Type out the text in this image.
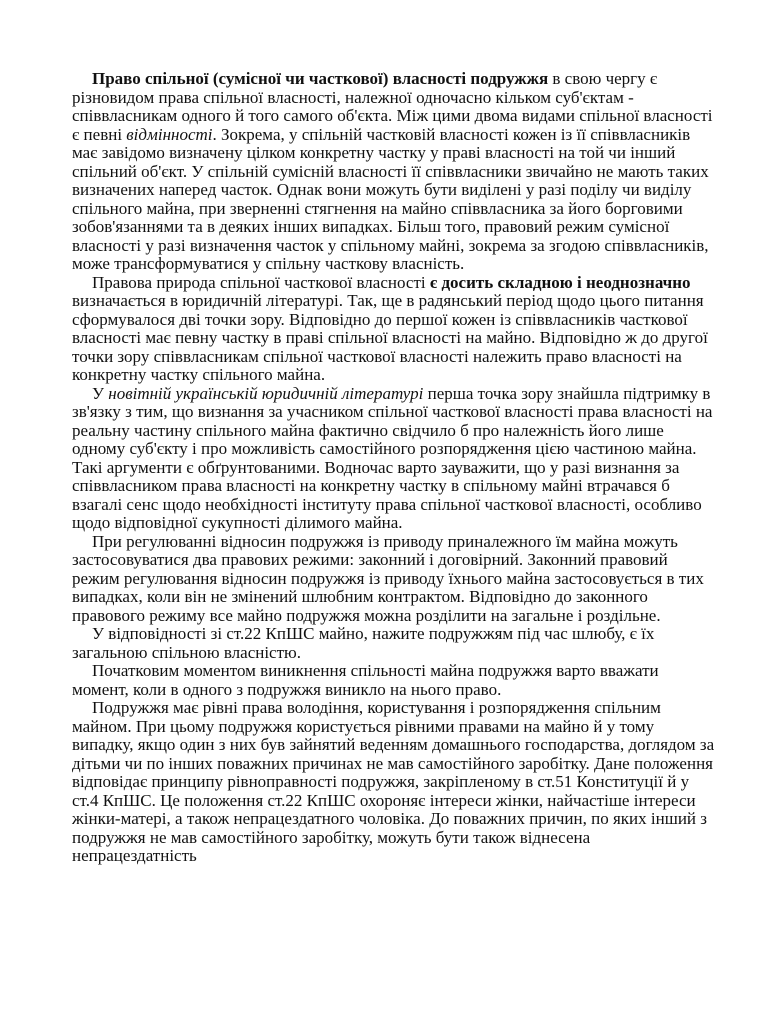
Право спільної (сумісної чи часткової) власності подружжя в свою чергу є різновидом права спільної власності, належної одночасно кільком суб'єктам - співвласникам одного й того самого об'єкта. Між цими двома видами спільної власності є певні відмінності. Зокрема, у спільній частковій власності кожен із її співвласників має завідомо визначену цілком конкретну частку у праві власності на той чи інший спільний об'єкт. У спільній сумісній власності її співвласники звичайно не мають таких визначених наперед часток. Однак вони можуть бути виділені у разі поділу чи виділу спільного майна, при зверненні стягнення на майно співвласника за його борговими зобов'язаннями та в деяких інших випадках. Більш того, правовий режим сумісної власності у разі визначення часток у спільному майні, зокрема за згодою співвласників, може трансформуватися у спільну часткову власність.

Правова природа спільної часткової власності є досить складною і неоднозначно визначається в юридичній літературі. Так, ще в радянський період щодо цього питання сформувалося дві точки зору. Відповідно до першої кожен із співвласників часткової власності має певну частку в праві спільної власності на майно. Відповідно ж до другої точки зору співвласникам спільної часткової власності належить право власності на конкретну частку спільного майна.

У новітній українській юридичній літературі перша точка зору знайшла підтримку в зв'язку з тим, що визнання за учасником спільної часткової власності права власності на реальну частину спільного майна фактично свідчило б про належність його лише одному суб'єкту і про можливість самостійного розпорядження цією частиною майна. Такі аргументи є обґрунтованими. Водночас варто зауважити, що у разі визнання за співвласником права власності на конкретну частку в спільному майні втрачався б взагалі сенс щодо необхідності інституту права спільної часткової власності, особливо щодо відповідної сукупності ділимого майна.

При регулюванні відносин подружжя із приводу приналежного їм майна можуть застосовуватися два правових режими: законний і договірний. Законний правовий режим регулювання відносин подружжя із приводу їхнього майна застосовується в тих випадках, коли він не змінений шлюбним контрактом. Відповідно до законного правового режиму все майно подружжя можна розділити на загальне і роздільне.

У відповідності зі ст.22 КпШС майно, нажите подружжям під час шлюбу, є їх загальною спільною власністю.

Початковим моментом виникнення спільності майна подружжя варто вважати момент, коли в одного з подружжя виникло на нього право.

Подружжя має рівні права володіння, користування і розпорядження спільним майном. При цьому подружжя користується рівними правами на майно й у тому випадку, якщо один з них був зайнятий веденням домашнього господарства, доглядом за дітьми чи по інших поважних причинах не мав самостійного заробітку. Дане положення відповідає принципу рівноправності подружжя, закріпленому в ст.51 Конституції й у ст.4 КпШС. Це положення ст.22 КпШС охороняє інтереси жінки, найчастіше інтереси жінки-матері, а також непрацездатного чоловіка. До поважних причин, по яких інший з подружжя не мав самостійного заробітку, можуть бути також віднесена непрацездатність
